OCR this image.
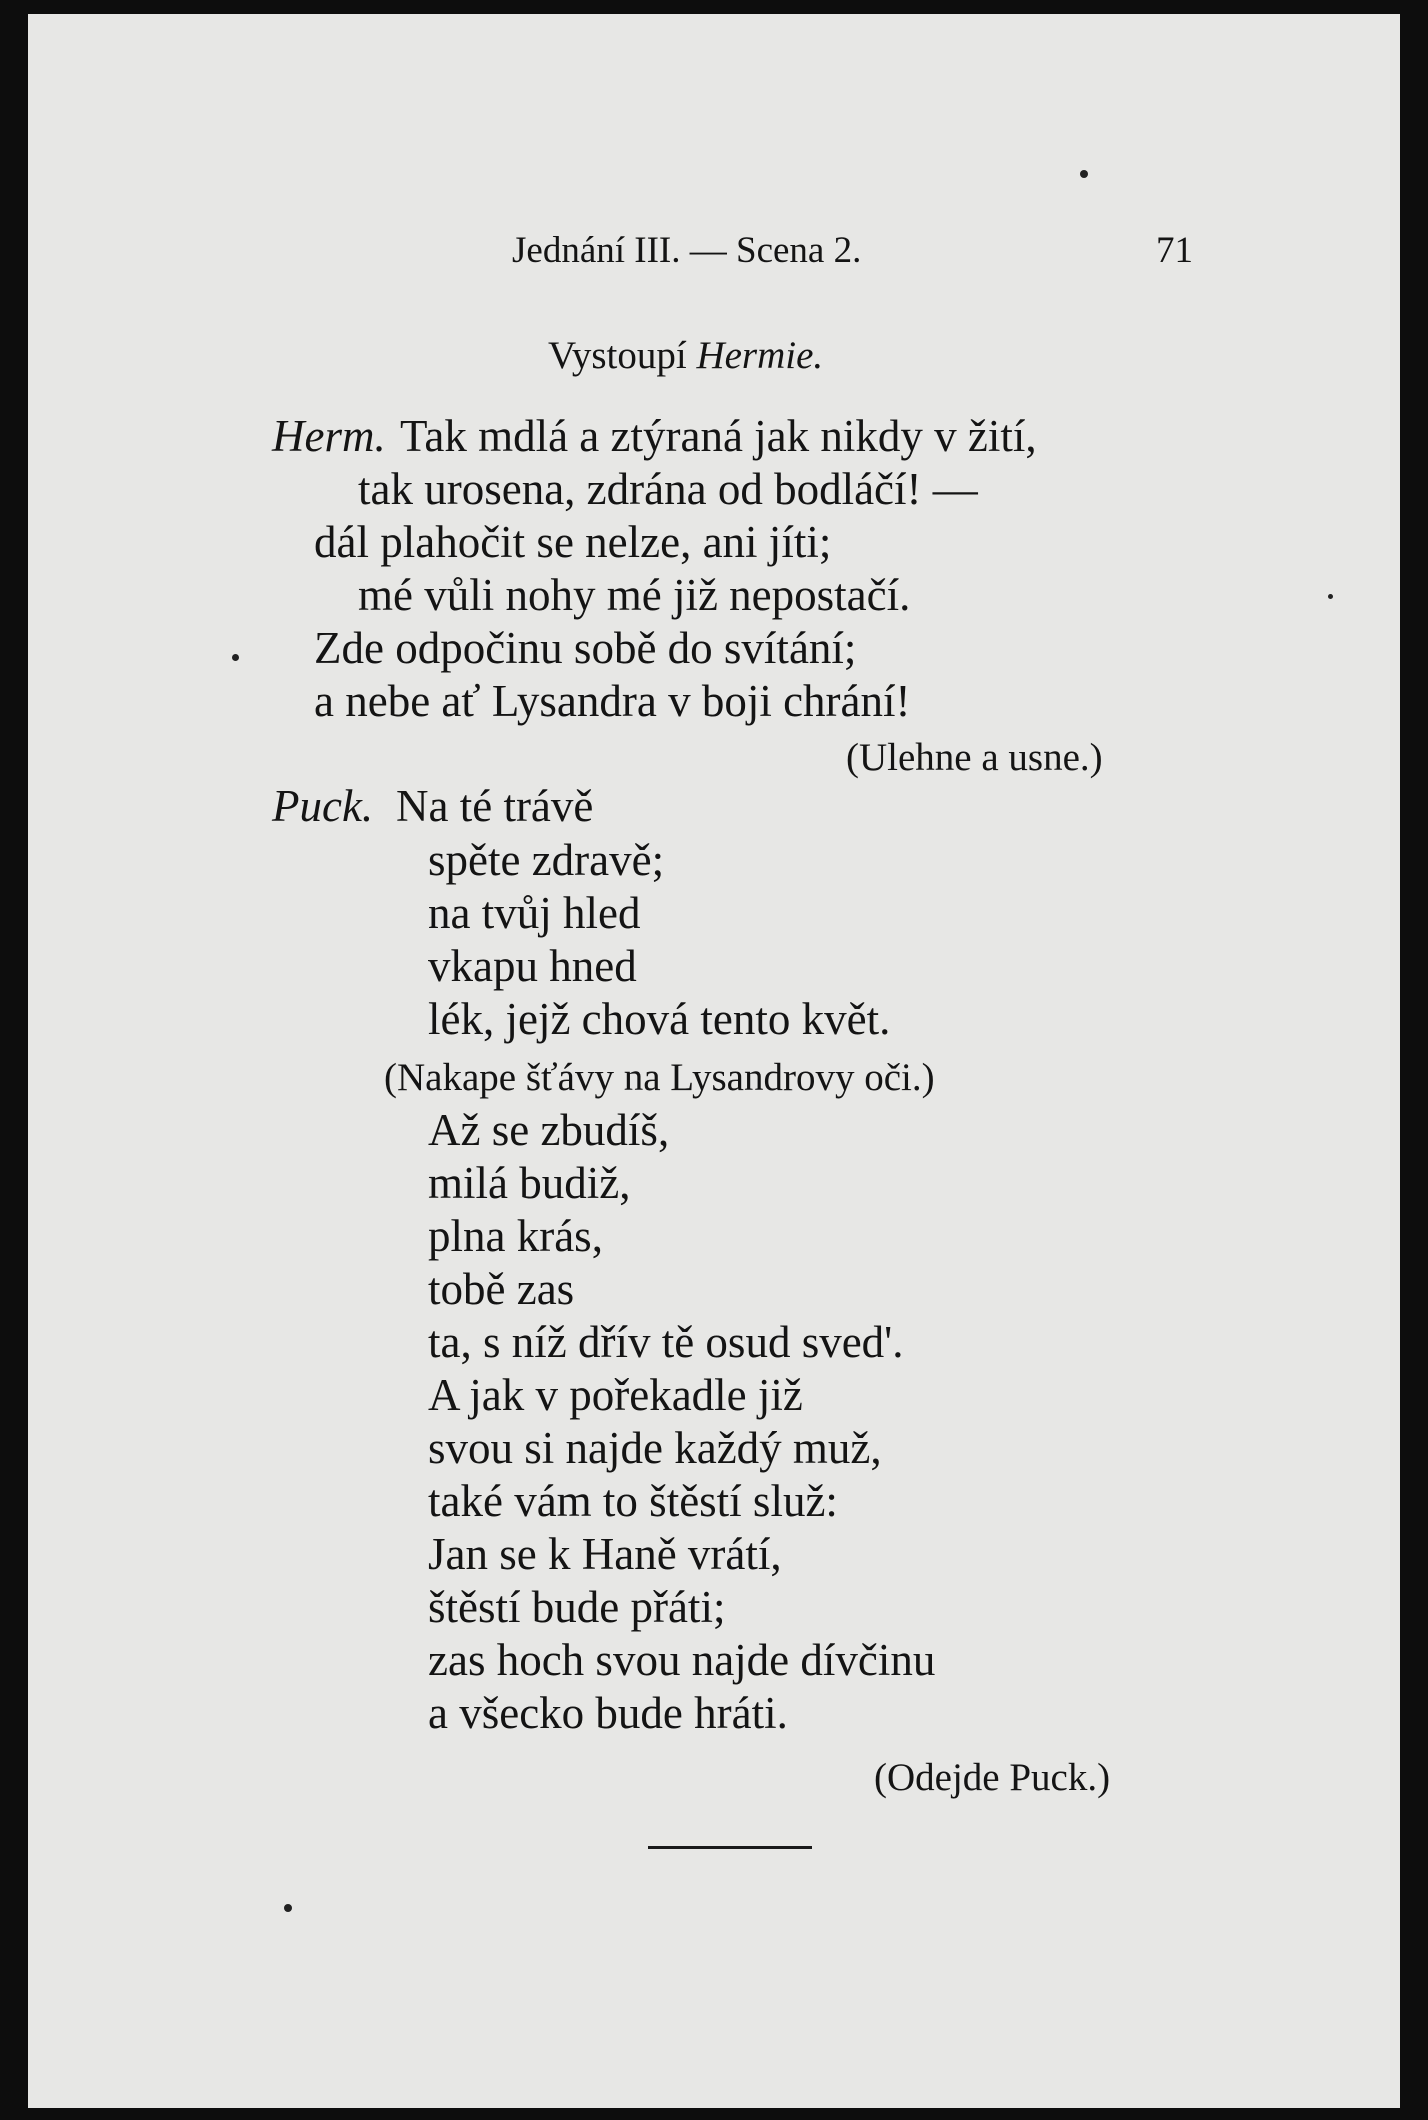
Jednání III. — Scena 2.	71
Vystoupí Hermie.
Herm. Tak mdlá a ztýraná jak nikdy v žití,
tak urosena, zdrána od bodláčí! —
dál plahočit se nelze, ani jíti;
mé vůli nohy mé již nepostačí.
Zde odpočinu sobě do svítání;
a nebe ať Lysandra v boji chrání!
(Ulehne a usne.)
Puck. Na té trávě
spěte zdravě;
na tvůj hled
vkapu hned
lék, jejž chová tento květ.
(Nakape šťávy na Lysandrovy oči.)
Až se zbudíš,
milá budiž,
plna krás,
tobě zas
ta, s níž dřív tě osud sved'.
A jak v pořekadle již
svou si najde každý muž,
také vám to štěstí služ:
Jan se k Haně vrátí,
štěstí bude přáti;
zas hoch svou najde dívčinu
a všecko bude hráti.
(Odejde Puck.)
